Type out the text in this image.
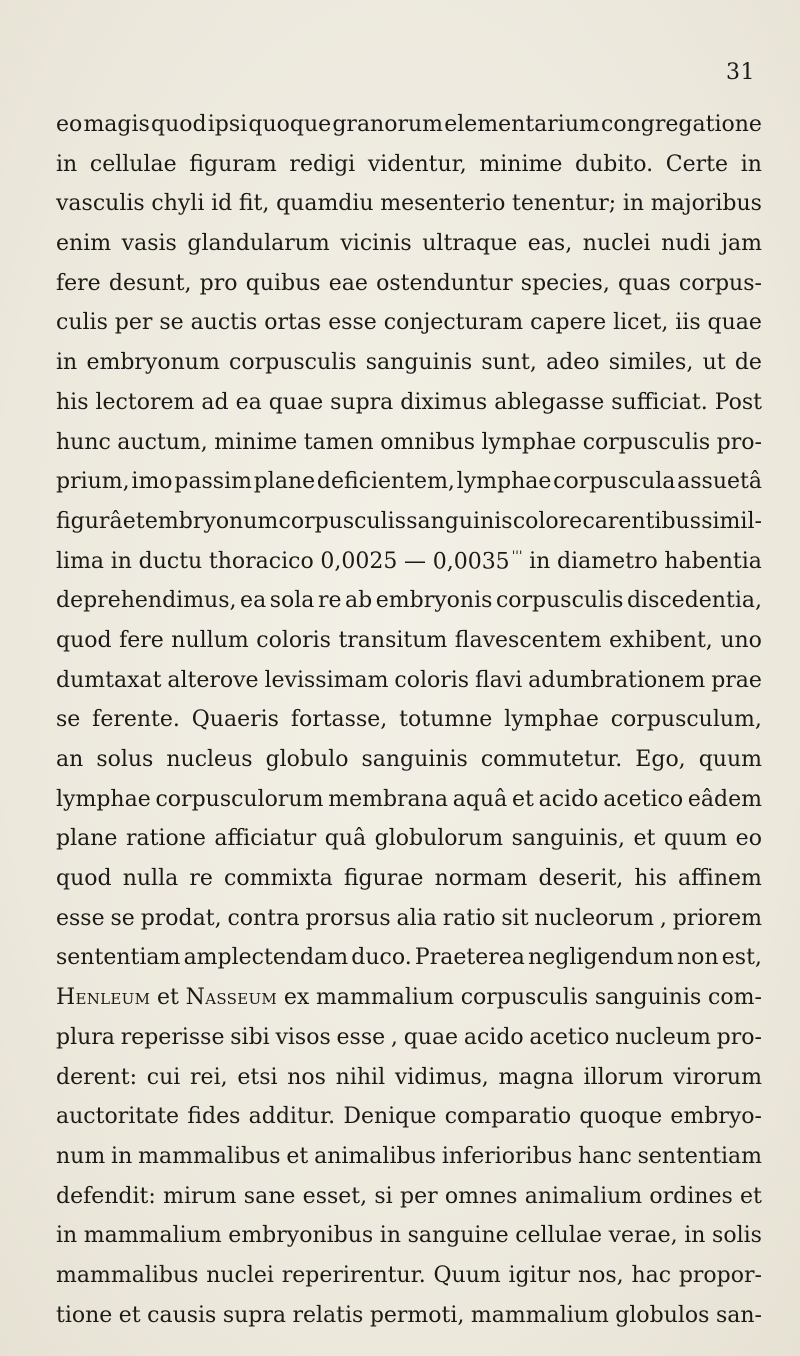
31
eo magis quod ipsi quoque granorum elementarium congregatione
in cellulae figuram redigi videntur, minime dubito. Certe in
vasculis chyli id fit, quamdiu mesenterio tenentur; in majoribus
enim vasis glandularum vicinis ultraque eas, nuclei nudi jam
fere desunt, pro quibus eae ostenduntur species, quas corpus-
culis per se auctis ortas esse conjecturam capere licet, iis quae
in embryonum corpusculis sanguinis sunt, adeo similes, ut de
his lectorem ad ea quae supra diximus ablegasse sufficiat. Post
hunc auctum, minime tamen omnibus lymphae corpusculis pro-
prium, imo passim plane deficientem, lymphae corpuscula assuetâ
figurâ et embryonum corpusculis sanguinis colore carentibus simil-
lima in ductu thoracico 0,0025 — 0,0035 ''' in diametro habentia
deprehendimus, ea sola re ab embryonis corpusculis discedentia,
quod fere nullum coloris transitum flavescentem exhibent, uno
dumtaxat alterove levissimam coloris flavi adumbrationem prae
se ferente. Quaeris fortasse, totumne lymphae corpusculum,
an solus nucleus globulo sanguinis commutetur. Ego, quum
lymphae corpusculorum membrana aquâ et acido acetico eâdem
plane ratione afficiatur quâ globulorum sanguinis, et quum eo
quod nulla re commixta figurae normam deserit, his affinem
esse se prodat, contra prorsus alia ratio sit nucleorum , priorem
sententiam amplectendam duco. Praeterea negligendum non est,
Henleum et Nasseum ex mammalium corpusculis sanguinis com-
plura reperisse sibi visos esse , quae acido acetico nucleum pro-
derent: cui rei, etsi nos nihil vidimus, magna illorum virorum
auctoritate fides additur. Denique comparatio quoque embryo-
num in mammalibus et animalibus inferioribus hanc sententiam
defendit: mirum sane esset, si per omnes animalium ordines et
in mammalium embryonibus in sanguine cellulae verae, in solis
mammalibus nuclei reperirentur. Quum igitur nos, hac propor-
tione et causis supra relatis permoti, mammalium globulos san-
